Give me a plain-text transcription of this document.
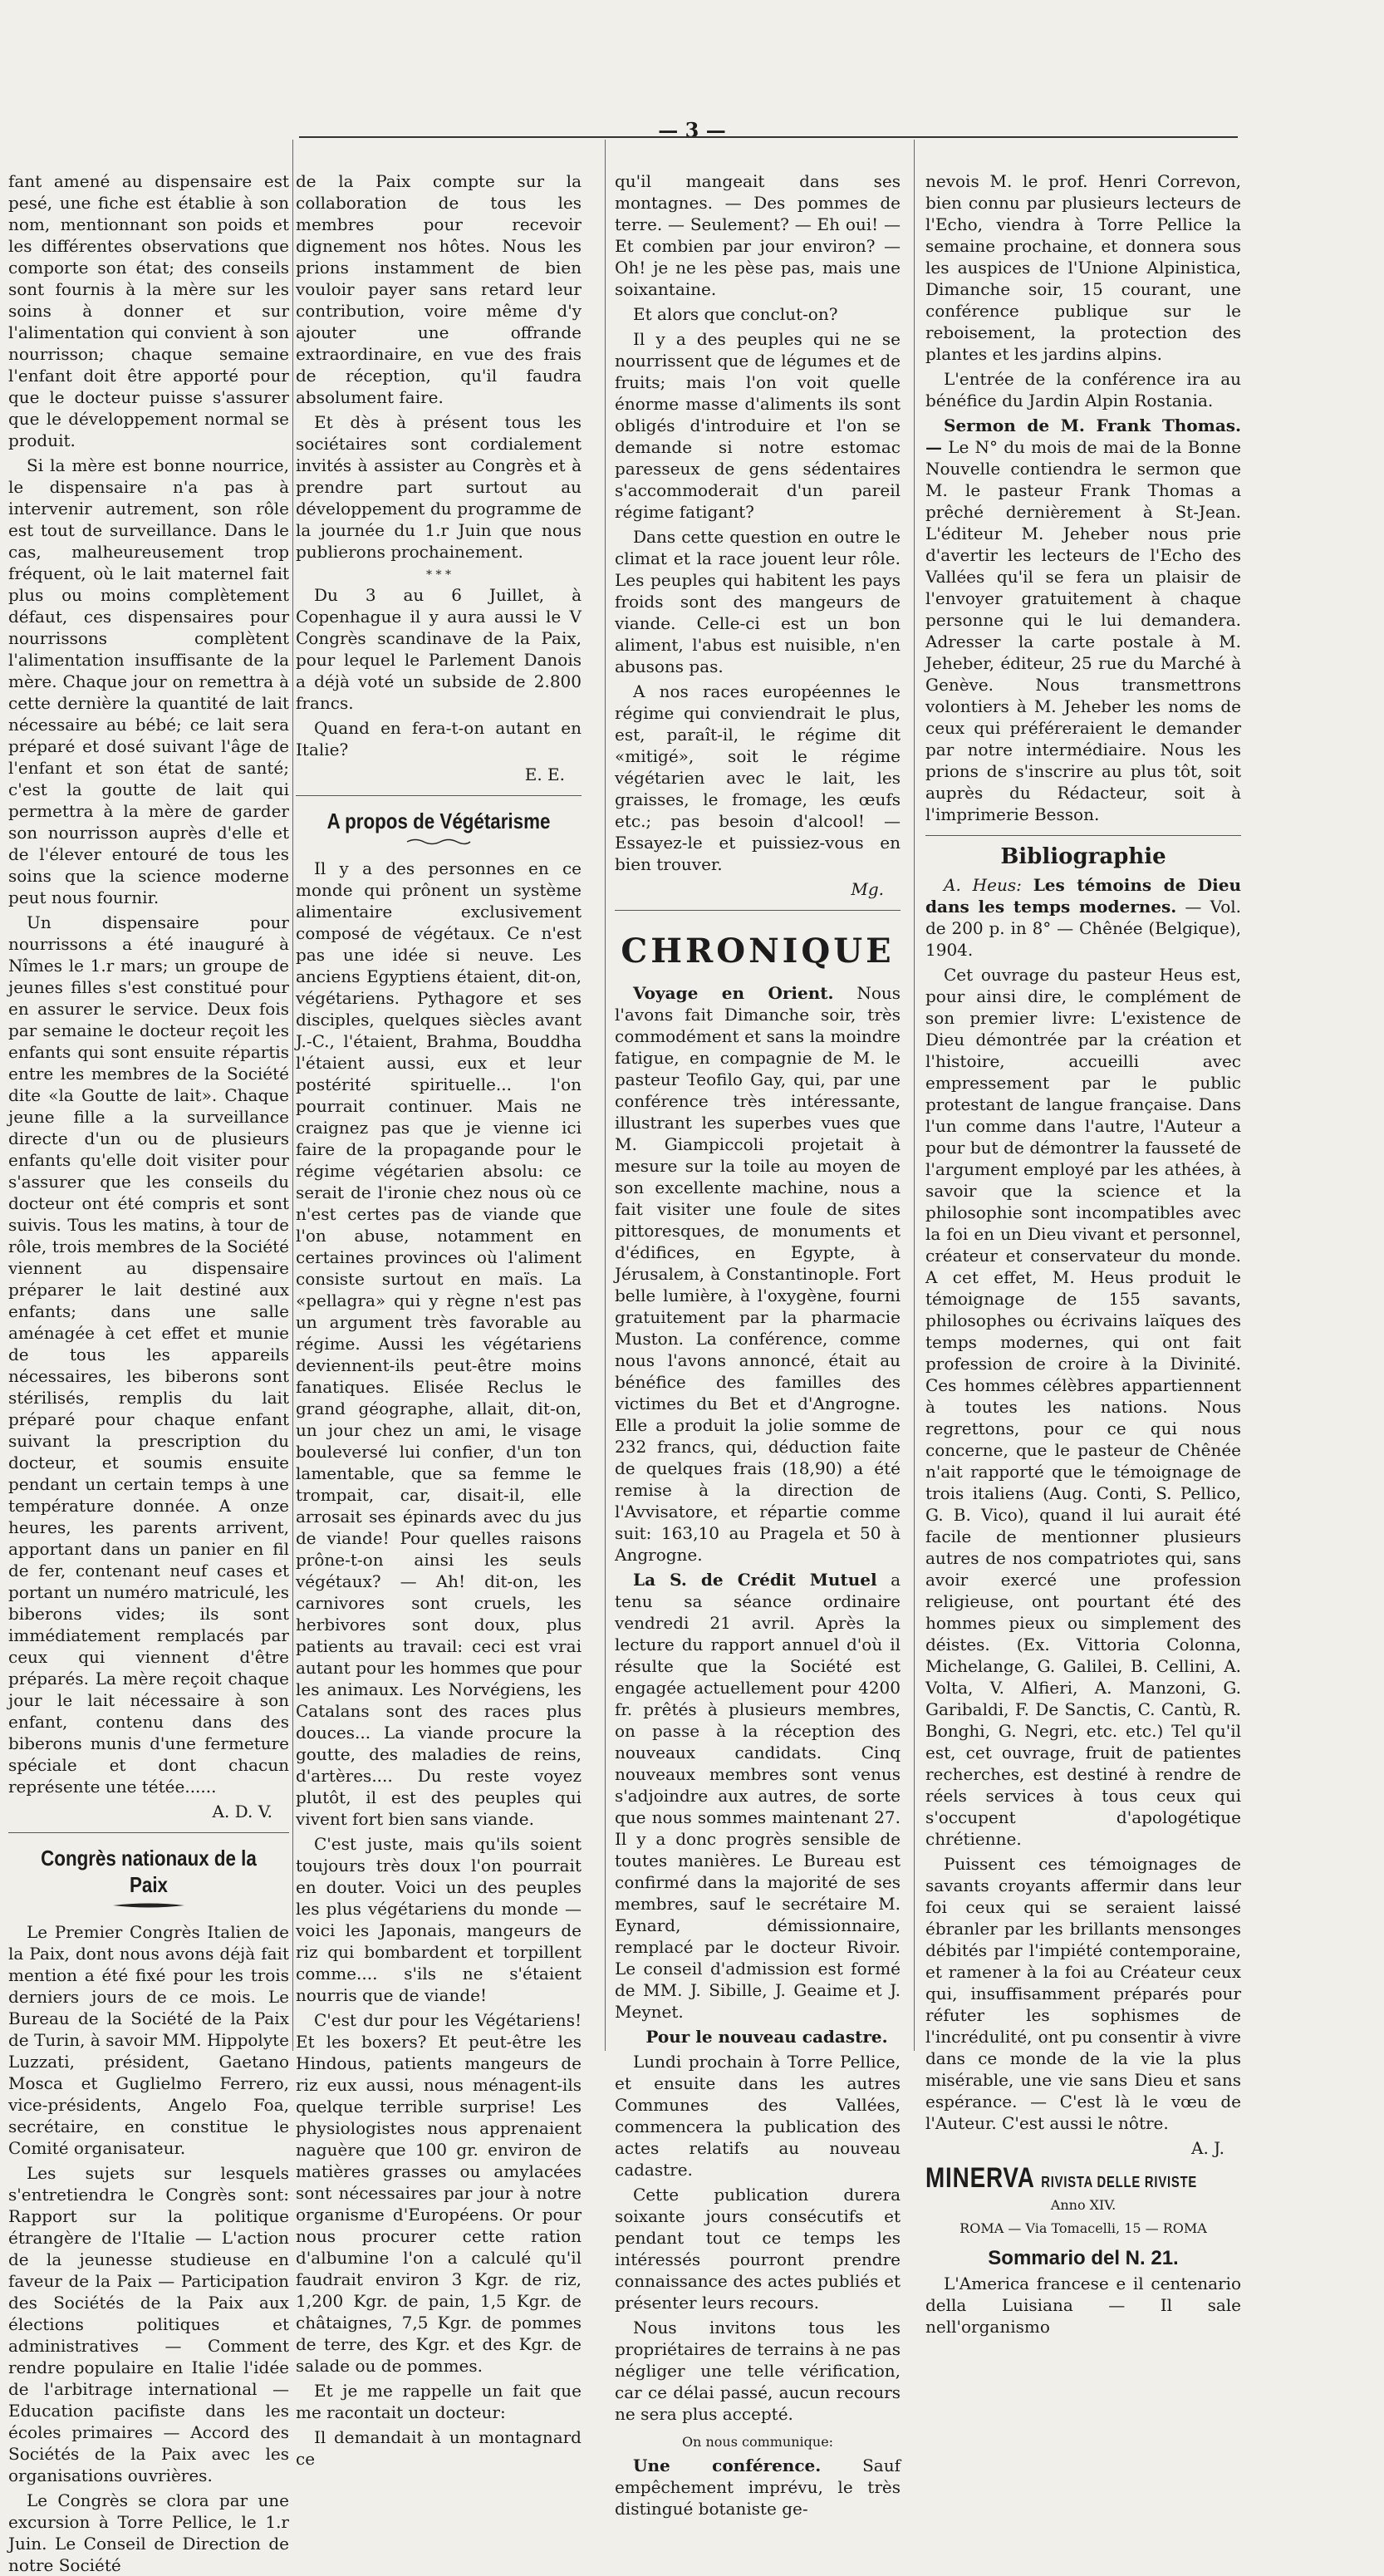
— 3 —

fant amené au dispensaire est pesé, une fiche est établie à son nom, mentionnant son poids et les différentes observations que comporte son état; des conseils sont fournis à la mère sur les soins à donner et sur l'alimentation qui convient à son nourrisson; chaque semaine l'enfant doit être apporté pour que le docteur puisse s'assurer que le développement normal se produit.

Si la mère est bonne nourrice, le dispensaire n'a pas à intervenir autrement, son rôle est tout de surveillance. Dans le cas, malheureusement trop fréquent, où le lait maternel fait plus ou moins complètement défaut, ces dispensaires pour nourrissons complètent l'alimentation insuffisante de la mère. Chaque jour on remettra à cette dernière la quantité de lait nécessaire au bébé; ce lait sera préparé et dosé suivant l'âge de l'enfant et son état de santé; c'est la goutte de lait qui permettra à la mère de garder son nourrisson auprès d'elle et de l'élever entouré de tous les soins que la science moderne peut nous fournir.

Un dispensaire pour nourrissons a été inauguré à Nîmes le 1.r mars; un groupe de jeunes filles s'est constitué pour en assurer le service. Deux fois par semaine le docteur reçoit les enfants qui sont ensuite répartis entre les membres de la Société dite «la Goutte de lait». Chaque jeune fille a la surveillance directe d'un ou de plusieurs enfants qu'elle doit visiter pour s'assurer que les conseils du docteur ont été compris et sont suivis. Tous les matins, à tour de rôle, trois membres de la Société viennent au dispensaire préparer le lait destiné aux enfants; dans une salle aménagée à cet effet et munie de tous les appareils nécessaires, les biberons sont stérilisés, remplis du lait préparé pour chaque enfant suivant la prescription du docteur, et soumis ensuite pendant un certain temps à une température donnée. A onze heures, les parents arrivent, apportant dans un panier en fil de fer, contenant neuf cases et portant un numéro matriculé, les biberons vides; ils sont immédiatement remplacés par ceux qui viennent d'être préparés. La mère reçoit chaque jour le lait nécessaire à son enfant, contenu dans des biberons munis d'une fermeture spéciale et dont chacun représente une tétée......

A. D. V.
Congrès nationaux de la Paix

Le Premier Congrès Italien de la Paix, dont nous avons déjà fait mention a été fixé pour les trois derniers jours de ce mois. Le Bureau de la Société de la Paix de Turin, à savoir MM. Hippolyte Luzzati, président, Gaetano Mosca et Guglielmo Ferrero, vice-présidents, Angelo Foa, secrétaire, en constitue le Comité organisateur.

Les sujets sur lesquels s'entretiendra le Congrès sont: Rapport sur la politique étrangère de l'Italie — L'action de la jeunesse studieuse en faveur de la Paix — Participation des Sociétés de la Paix aux élections politiques et administratives — Comment rendre populaire en Italie l'idée de l'arbitrage international — Education pacifiste dans les écoles primaires — Accord des Sociétés de la Paix avec les organisations ouvrières.

Le Congrès se clora par une excursion à Torre Pellice, le 1.r Juin. Le Conseil de Direction de notre Société

de la Paix compte sur la collaboration de tous les membres pour recevoir dignement nos hôtes. Nous les prions instamment de bien vouloir payer sans retard leur contribution, voire même d'y ajouter une offrande extraordinaire, en vue des frais de réception, qu'il faudra absolument faire.

Et dès à présent tous les sociétaires sont cordialement invités à assister au Congrès et à prendre part surtout au développement du programme de la journée du 1.r Juin que nous publierons prochainement.

* * *

Du 3 au 6 Juillet, à Copenhague il y aura aussi le V Congrès scandinave de la Paix, pour lequel le Parlement Danois a déjà voté un subside de 2.800 francs.

Quand en fera-t-on autant en Italie?

E. E.
A propos de Végétarisme

Il y a des personnes en ce monde qui prônent un système alimentaire exclusivement composé de végétaux. Ce n'est pas une idée si neuve. Les anciens Egyptiens étaient, dit-on, végétariens. Pythagore et ses disciples, quelques siècles avant J.-C., l'étaient, Brahma, Bouddha l'étaient aussi, eux et leur postérité spirituelle... l'on pourrait continuer. Mais ne craignez pas que je vienne ici faire de la propagande pour le régime végétarien absolu: ce serait de l'ironie chez nous où ce n'est certes pas de viande que l'on abuse, notamment en certaines provinces où l'aliment consiste surtout en maïs. La «pellagra» qui y règne n'est pas un argument très favorable au régime. Aussi les végétariens deviennent-ils peut-être moins fanatiques. Elisée Reclus le grand géographe, allait, dit-on, un jour chez un ami, le visage bouleversé lui confier, d'un ton lamentable, que sa femme le trompait, car, disait-il, elle arrosait ses épinards avec du jus de viande! Pour quelles raisons prône-t-on ainsi les seuls végétaux? — Ah! dit-on, les carnivores sont cruels, les herbivores sont doux, plus patients au travail: ceci est vrai autant pour les hommes que pour les animaux. Les Norvégiens, les Catalans sont des races plus douces... La viande procure la goutte, des maladies de reins, d'artères.... Du reste voyez plutôt, il est des peuples qui vivent fort bien sans viande.

C'est juste, mais qu'ils soient toujours très doux l'on pourrait en douter. Voici un des peuples les plus végétariens du monde — voici les Japonais, mangeurs de riz qui bombardent et torpillent comme.... s'ils ne s'étaient nourris que de viande!

C'est dur pour les Végétariens! Et les boxers? Et peut-être les Hindous, patients mangeurs de riz eux aussi, nous ménagent-ils quelque terrible surprise! Les physiologistes nous apprenaient naguère que 100 gr. environ de matières grasses ou amylacées sont nécessaires par jour à notre organisme d'Européens. Or pour nous procurer cette ration d'albumine l'on a calculé qu'il faudrait environ 3 Kgr. de riz, 1,200 Kgr. de pain, 1,5 Kgr. de châtaignes, 7,5 Kgr. de pommes de terre, des Kgr. et des Kgr. de salade ou de pommes.

Et je me rappelle un fait que me racontait un docteur:

Il demandait à un montagnard ce

qu'il mangeait dans ses montagnes. — Des pommes de terre. — Seulement? — Eh oui! — Et combien par jour environ? — Oh! je ne les pèse pas, mais une soixantaine.

Et alors que conclut-on?

Il y a des peuples qui ne se nourrissent que de légumes et de fruits; mais l'on voit quelle énorme masse d'aliments ils sont obligés d'introduire et l'on se demande si notre estomac paresseux de gens sédentaires s'accommoderait d'un pareil régime fatigant?

Dans cette question en outre le climat et la race jouent leur rôle. Les peuples qui habitent les pays froids sont des mangeurs de viande. Celle-ci est un bon aliment, l'abus est nuisible, n'en abusons pas.

A nos races européennes le régime qui conviendrait le plus, est, paraît-il, le régime dit «mitigé», soit le régime végétarien avec le lait, les graisses, le fromage, les œufs etc.; pas besoin d'alcool! — Essayez-le et puissiez-vous en bien trouver.

Mg.
CHRONIQUE

Voyage en Orient. Nous l'avons fait Dimanche soir, très commodément et sans la moindre fatigue, en compagnie de M. le pasteur Teofilo Gay, qui, par une conférence très intéressante, illustrant les superbes vues que M. Giampiccoli projetait à mesure sur la toile au moyen de son excellente machine, nous a fait visiter une foule de sites pittoresques, de monuments et d'édifices, en Egypte, à Jérusalem, à Constantinople. Fort belle lumière, à l'oxygène, fourni gratuitement par la pharmacie Muston. La conférence, comme nous l'avons annoncé, était au bénéfice des familles des victimes du Bet et d'Angrogne. Elle a produit la jolie somme de 232 francs, qui, déduction faite de quelques frais (18,90) a été remise à la direction de l'Avvisatore, et répartie comme suit: 163,10 au Pragela et 50 à Angrogne.

La S. de Crédit Mutuel a tenu sa séance ordinaire vendredi 21 avril. Après la lecture du rapport annuel d'où il résulte que la Société est engagée actuellement pour 4200 fr. prêtés à plusieurs membres, on passe à la réception des nouveaux candidats. Cinq nouveaux membres sont venus s'adjoindre aux autres, de sorte que nous sommes maintenant 27. Il y a donc progrès sensible de toutes manières. Le Bureau est confirmé dans la majorité de ses membres, sauf le secrétaire M. Eynard, démissionnaire, remplacé par le docteur Rivoir. Le conseil d'admission est formé de MM. J. Sibille, J. Geaime et J. Meynet.

Pour le nouveau cadastre.

Lundi prochain à Torre Pellice, et ensuite dans les autres Communes des Vallées, commencera la publication des actes relatifs au nouveau cadastre.

Cette publication durera soixante jours consécutifs et pendant tout ce temps les intéressés pourront prendre connaissance des actes publiés et présenter leurs recours.

Nous invitons tous les propriétaires de terrains à ne pas négliger une telle vérification, car ce délai passé, aucun recours ne sera plus accepté.

On nous communique:

Une conférence. Sauf empêchement imprévu, le très distingué botaniste ge-

nevois M. le prof. Henri Correvon, bien connu par plusieurs lecteurs de l'Echo, viendra à Torre Pellice la semaine prochaine, et donnera sous les auspices de l'Unione Alpinistica, Dimanche soir, 15 courant, une conférence publique sur le reboisement, la protection des plantes et les jardins alpins.

L'entrée de la conférence ira au bénéfice du Jardin Alpin Rostania.

Sermon de M. Frank Thomas. — Le N° du mois de mai de la Bonne Nouvelle contiendra le sermon que M. le pasteur Frank Thomas a prêché dernièrement à St-Jean. L'éditeur M. Jeheber nous prie d'avertir les lecteurs de l'Echo des Vallées qu'il se fera un plaisir de l'envoyer gratuitement à chaque personne qui le lui demandera. Adresser la carte postale à M. Jeheber, éditeur, 25 rue du Marché à Genève. Nous transmettrons volontiers à M. Jeheber les noms de ceux qui préféreraient le demander par notre intermédiaire. Nous les prions de s'inscrire au plus tôt, soit auprès du Rédacteur, soit à l'imprimerie Besson.

Bibliographie

A. Heus: Les témoins de Dieu dans les temps modernes. — Vol. de 200 p. in 8° — Chênée (Belgique), 1904.

Cet ouvrage du pasteur Heus est, pour ainsi dire, le complément de son premier livre: L'existence de Dieu démontrée par la création et l'histoire, accueilli avec empressement par le public protestant de langue française. Dans l'un comme dans l'autre, l'Auteur a pour but de démontrer la fausseté de l'argument employé par les athées, à savoir que la science et la philosophie sont incompatibles avec la foi en un Dieu vivant et personnel, créateur et conservateur du monde. A cet effet, M. Heus produit le témoignage de 155 savants, philosophes ou écrivains laïques des temps modernes, qui ont fait profession de croire à la Divinité. Ces hommes célèbres appartiennent à toutes les nations. Nous regrettons, pour ce qui nous concerne, que le pasteur de Chênée n'ait rapporté que le témoignage de trois italiens (Aug. Conti, S. Pellico, G. B. Vico), quand il lui aurait été facile de mentionner plusieurs autres de nos compatriotes qui, sans avoir exercé une profession religieuse, ont pourtant été des hommes pieux ou simplement des déistes. (Ex. Vittoria Colonna, Michelange, G. Galilei, B. Cellini, A. Volta, V. Alfieri, A. Manzoni, G. Garibaldi, F. De Sanctis, C. Cantù, R. Bonghi, G. Negri, etc. etc.) Tel qu'il est, cet ouvrage, fruit de patientes recherches, est destiné à rendre de réels services à tous ceux qui s'occupent d'apologétique chrétienne.

Puissent ces témoignages de savants croyants affermir dans leur foi ceux qui se seraient laissé ébranler par les brillants mensonges débités par l'impiété contemporaine, et ramener à la foi au Créateur ceux qui, insuffisamment préparés pour réfuter les sophismes de l'incrédulité, ont pu consentir à vivre dans ce monde de la vie la plus misérable, une vie sans Dieu et sans espérance. — C'est là le vœu de l'Auteur. C'est aussi le nôtre.

A. J.
MINERVA RIVISTA DELLE RIVISTE
Anno XIV.
ROMA — Via Tomacelli, 15 — ROMA
Sommario del N. 21.

L'America francese e il centenario della Luisiana — Il sale nell'organismo
